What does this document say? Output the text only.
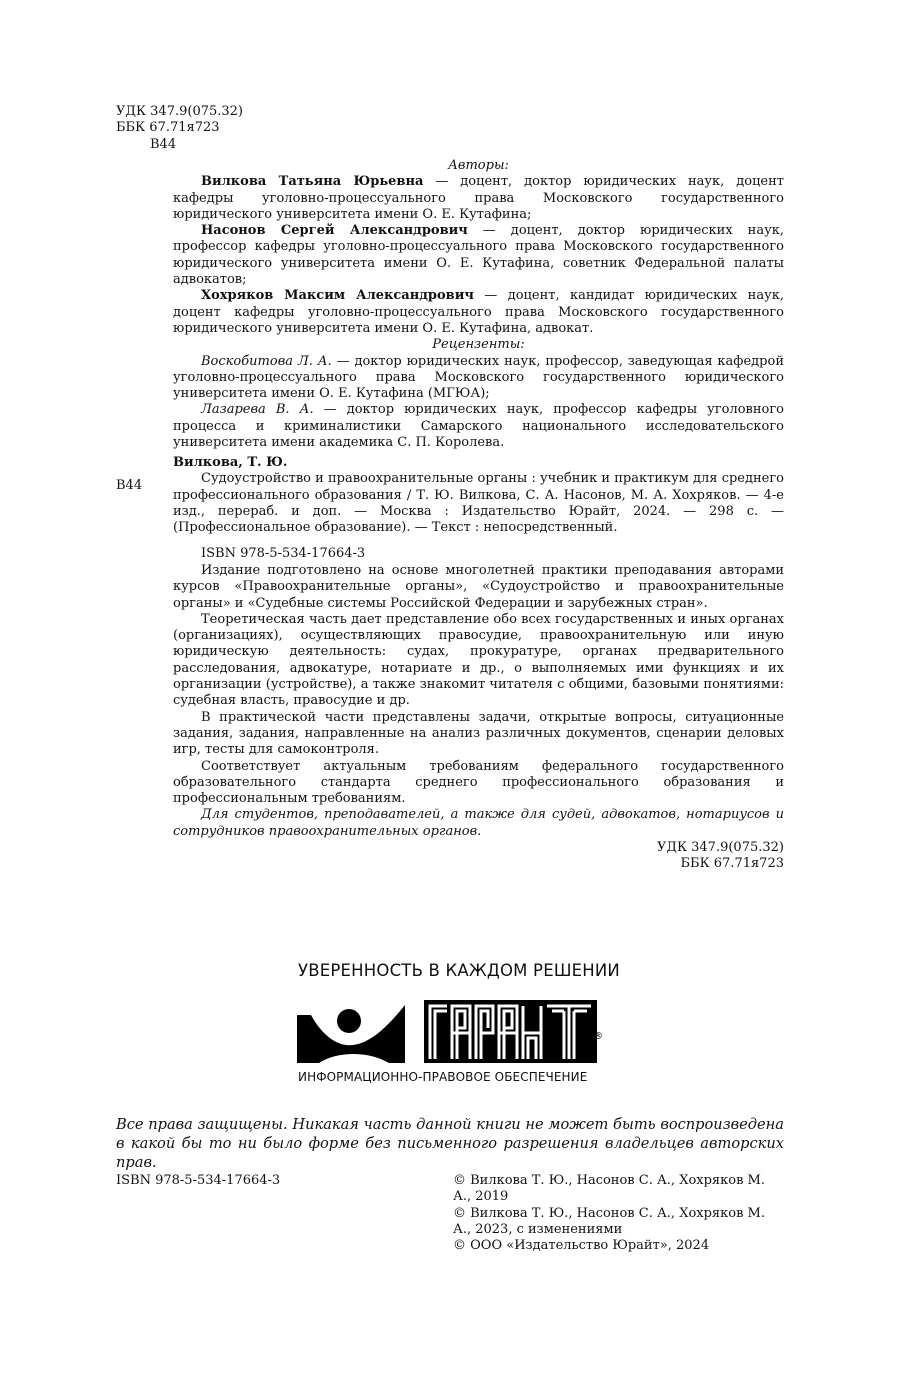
УДК 347.9(075.32)
ББК 67.71я723
В44

Авторы:

Вилкова Татьяна Юрьевна — доцент, доктор юридических наук, доцент кафедры уголовно-процессуального права Московского государственного юридического университета имени О. Е. Кутафина;

Насонов Сергей Александрович — доцент, доктор юридических наук, профессор кафедры уголовно-процессуального права Московского государственного юридического университета имени О. Е. Кутафина, советник Федеральной палаты адвокатов;

Хохряков Максим Александрович — доцент, кандидат юридических наук, доцент кафедры уголовно-процессуального права Московского государственного юридического университета имени О. Е. Кутафина, адвокат.

Рецензенты:

Воскобитова Л. А. — доктор юридических наук, профессор, заведующая кафедрой уголовно-процессуального права Московского государственного юридического университета имени О. Е. Кутафина (МГЮА);

Лазарева В. А. — доктор юридических наук, профессор кафедры уголовного процесса и криминалистики Самарского национального исследовательского университета имени академика С. П. Королева.

В44

Вилкова, Т. Ю.

Судоустройство и правоохранительные органы : учебник и практикум для среднего профессионального образования / Т. Ю. Вилкова, С. А. Насонов, М. А. Хохряков. — 4-е изд., перераб. и доп. — Москва : Издательство Юрайт, 2024. — 298 с. — (Профессиональное образование). — Текст : непосредственный.

ISBN 978-5-534-17664-3

Издание подготовлено на основе многолетней практики преподавания авторами курсов «Правоохранительные органы», «Судоустройство и правоохранительные органы» и «Судебные системы Российской Федерации и зарубежных стран».

Теоретическая часть дает представление обо всех государственных и иных органах (организациях), осуществляющих правосудие, правоохранительную или иную юридическую деятельность: судах, прокуратуре, органах предварительного расследования, адвокатуре, нотариате и др., о выполняемых ими функциях и их организации (устройстве), а также знакомит читателя с общими, базовыми понятиями: судебная власть, правосудие и др.

В практической части представлены задачи, открытые вопросы, ситуационные задания, задания, направленные на анализ различных документов, сценарии деловых игр, тесты для самоконтроля.

Соответствует актуальным требованиям федерального государственного образовательного стандарта среднего профессионального образования и профессиональным требованиям.

Для студентов, преподавателей, а также для судей, адвокатов, нотариусов и сотрудников правоохранительных органов.

УДК 347.9(075.32)

ББК 67.71я723

УВЕРЕННОСТЬ В КАЖДОМ РЕШЕНИИ
®
ИНФОРМАЦИОННО-ПРАВОВОЕ ОБЕСПЕЧЕНИЕ
Все права защищены. Никакая часть данной книги не может быть воспроизведена в какой бы то ни было форме без письменного разрешения владельцев авторских прав.
ISBN 978-5-534-17664-3	© Вилкова Т. Ю., Насонов С. А., Хохряков М. А., 2019
© Вилкова Т. Ю., Насонов С. А., Хохряков М. А., 2023, с изменениями
© ООО «Издательство Юрайт», 2024
